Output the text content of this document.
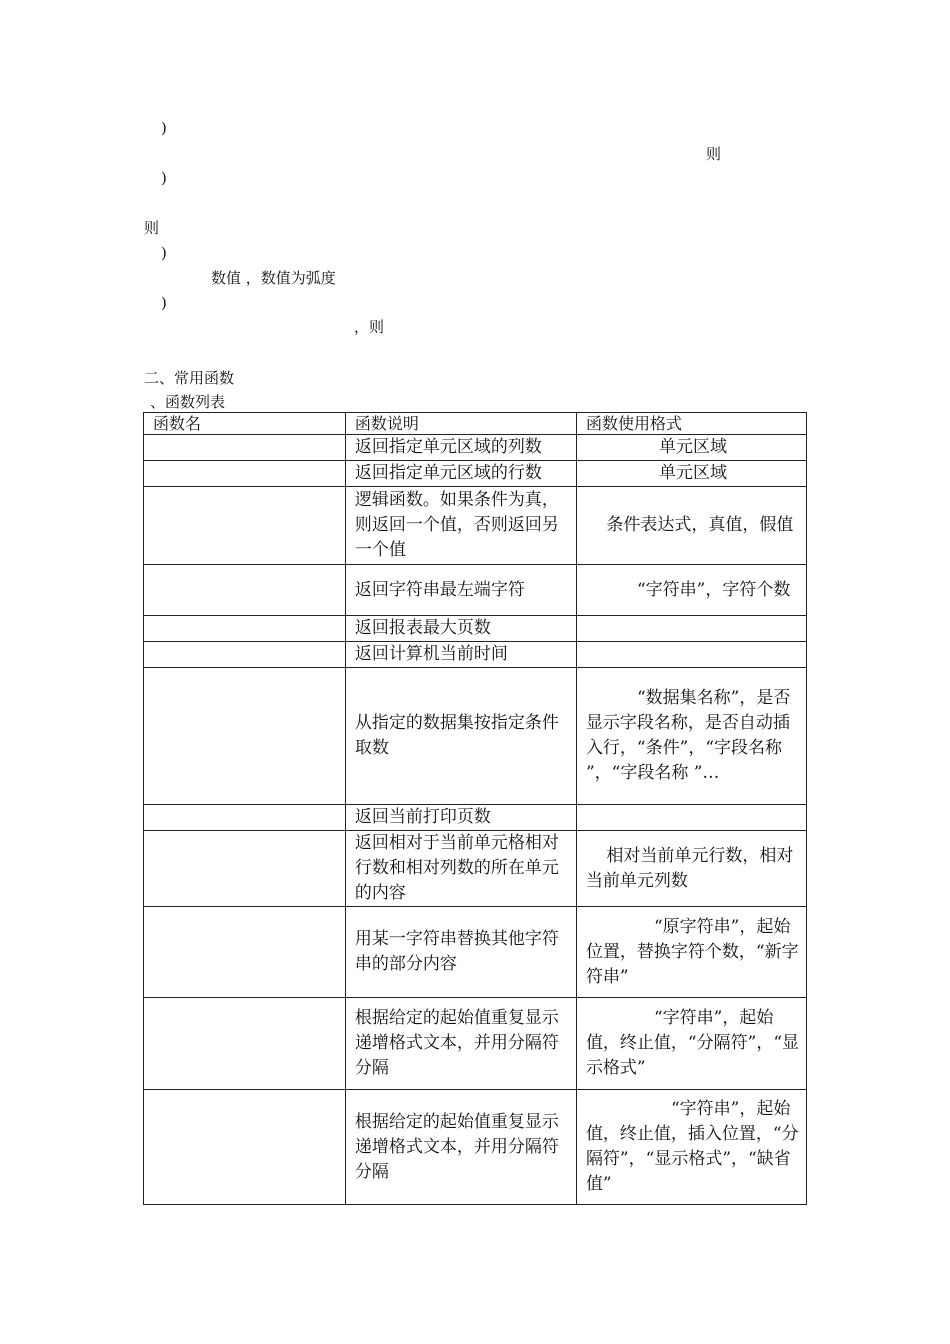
)
则
)
则
)
数值 ，数值为弧度
)
，则
二、常用函数
、函数列表
函数名	函数说明	函数使用格式
	返回指定单元区域的列数	单元区域
	返回指定单元区域的行数	单元区域
	逻辑函数。如果条件为真，则返回一个值，否则返回另一个值	条件表达式，真值，假值
	返回字符串最左端字符	“字符串”，字符个数
	返回报表最大页数	
	返回计算机当前时间	
	从指定的数据集按指定条件取数	“数据集名称”，是否显示字段名称，是否自动插入行，“条件”，“字段名称 ”，“字段名称 ”…
	返回当前打印页数	
	返回相对于当前单元格相对行数和相对列数的所在单元的内容	相对当前单元行数，相对当前单元列数
	用某一字符串替换其他字符串的部分内容	“原字符串”，起始位置，替换字符个数，“新字符串”
	根据给定的起始值重复显示递增格式文本，并用分隔符分隔	“字符串”，起始值，终止值，“分隔符”，“显示格式”
	根据给定的起始值重复显示递增格式文本，并用分隔符分隔	“字符串”，起始值，终止值，插入位置，“分隔符”，“显示格式”，“缺省值”
